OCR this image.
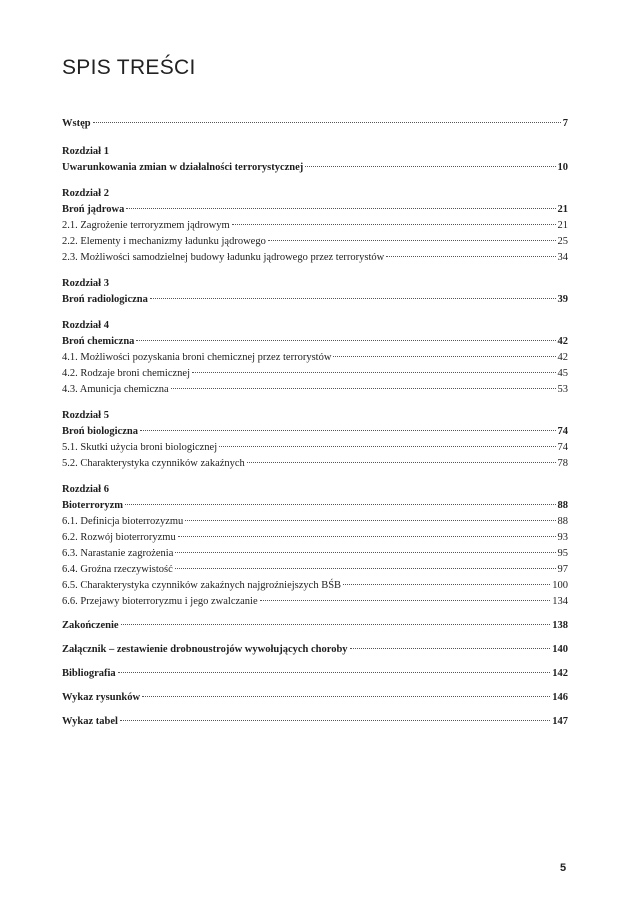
SPIS TREŚCI
Wstęp	7
Rozdział 1
Uwarunkowania zmian w działalności terrorystycznej	10
Rozdział 2
Broń jądrowa	21
2.1. Zagrożenie terroryzmem jądrowym	21
2.2. Elementy i mechanizmy ładunku jądrowego	25
2.3. Możliwości samodzielnej budowy ładunku jądrowego przez terrorystów	34
Rozdział 3
Broń radiologiczna	39
Rozdział 4
Broń chemiczna	42
4.1. Możliwości pozyskania broni chemicznej przez terrorystów	42
4.2. Rodzaje broni chemicznej	45
4.3. Amunicja chemiczna	53
Rozdział 5
Broń biologiczna	74
5.1. Skutki użycia broni biologicznej	74
5.2. Charakterystyka czynników zakaźnych	78
Rozdział 6
Bioterroryzm	88
6.1. Definicja bioterrozyzmu	88
6.2. Rozwój bioterroryzmu	93
6.3. Narastanie zagrożenia	95
6.4. Groźna rzeczywistość	97
6.5. Charakterystyka czynników zakaźnych najgroźniejszych BŚB	100
6.6. Przejawy bioterroryzmu i jego zwalczanie	134
Zakończenie	138
Załącznik – zestawienie drobnoustrojów wywołujących choroby	140
Bibliografia	142
Wykaz rysunków	146
Wykaz tabel	147
5
